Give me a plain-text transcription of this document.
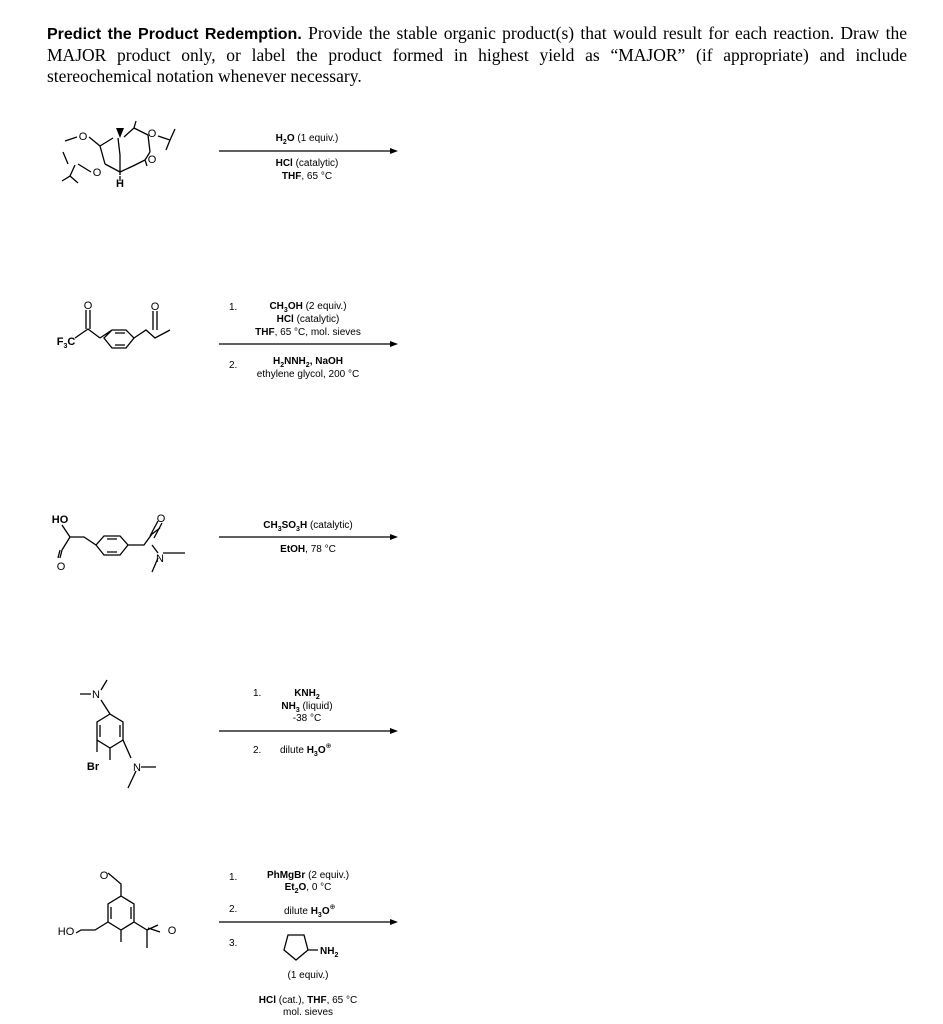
Predict the Product Redemption. Provide the stable organic product(s) that would result for each reaction. Draw the MAJOR product only, or label the product formed in highest yield as “MAJOR” (if appropriate) and include stereochemical notation whenever necessary.

O
O
O
O
H
H2O (1 equiv.)
HCl (catalytic)
THF, 65 °C
F3C
O	O	1.
2.
CH3OH (2 equiv.)
HCl (catalytic)
THF, 65 °C, mol. sieves
H2NNH2, NaOH
ethylene glycol, 200 °C
HO	O
O
N
CH3SO3H (catalytic)
EtOH, 78 °C
N
N
Br
1.
2.
KNH2
NH3 (liquid)
-38 °C
dilute H3O⊕
O
O
HO
1.
2.
3.
PhMgBr (2 equiv.)
Et2O, 0 °C
dilute H3O⊕
NH2
(1 equiv.)
HCl (cat.), THF, 65 °C
mol. sieves
